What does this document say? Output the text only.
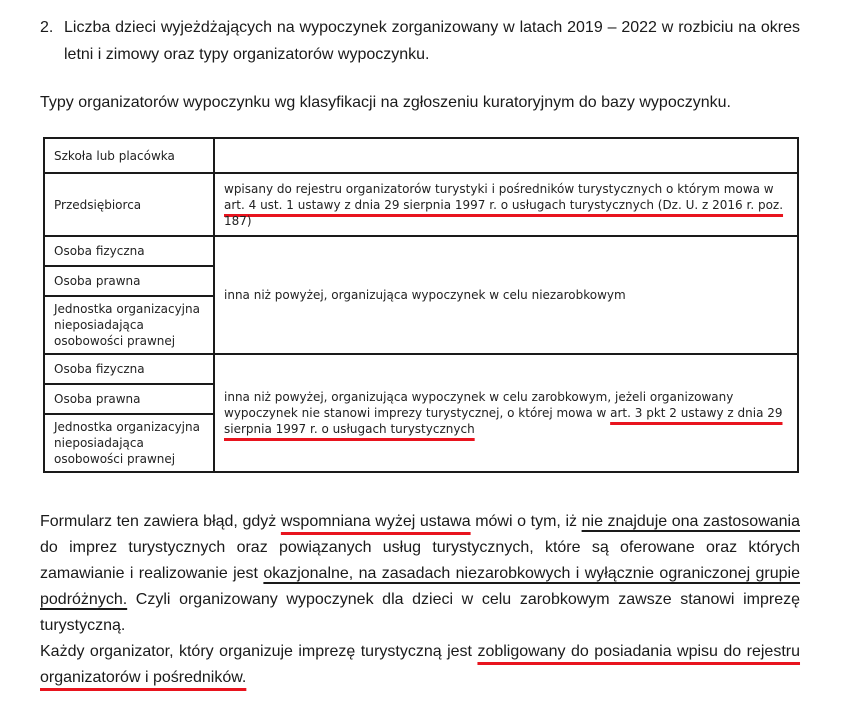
2. Liczba dzieci wyjeżdżających na wypoczynek zorganizowany w latach 2019 – 2022 w rozbiciu na okres letni i zimowy oraz typy organizatorów wypoczynku.
Typy organizatorów wypoczynku wg klasyfikacji na zgłoszeniu kuratoryjnym do bazy wypoczynku.
Szkoła lub placówka	
Przedsiębiorca	wpisany do rejestru organizatorów turystyki i pośredników turystycznych o którym mowa w art. 4 ust. 1 ustawy z dnia 29 sierpnia 1997 r. o usługach turystycznych (Dz. U. z 2016 r. poz. 187)
Osoba fizyczna	inna niż powyżej, organizująca wypoczynek w celu niezarobkowym
Osoba prawna	
Jednostka organizacyjna nieposiadająca osobowości prawnej	
Osoba fizyczna	inna niż powyżej, organizująca wypoczynek w celu zarobkowym, jeżeli organizowany wypoczynek nie stanowi imprezy turystycznej, o której mowa w art. 3 pkt 2 ustawy z dnia 29 sierpnia 1997 r. o usługach turystycznych
Osoba prawna	
Jednostka organizacyjna nieposiadająca osobowości prawnej	
Formularz ten zawiera błąd, gdyż wspomniana wyżej ustawa mówi o tym, iż nie znajduje ona zastosowania do imprez turystycznych oraz powiązanych usług turystycznych, które są oferowane oraz których zamawianie i realizowanie jest okazjonalne, na zasadach niezarobkowych i wyłącznie ograniczonej grupie podróżnych. Czyli organizowany wypoczynek dla dzieci w celu zarobkowym zawsze stanowi imprezę turystyczną.
Każdy organizator, który organizuje imprezę turystyczną jest zobligowany do posiadania wpisu do rejestru organizatorów i pośredników.
